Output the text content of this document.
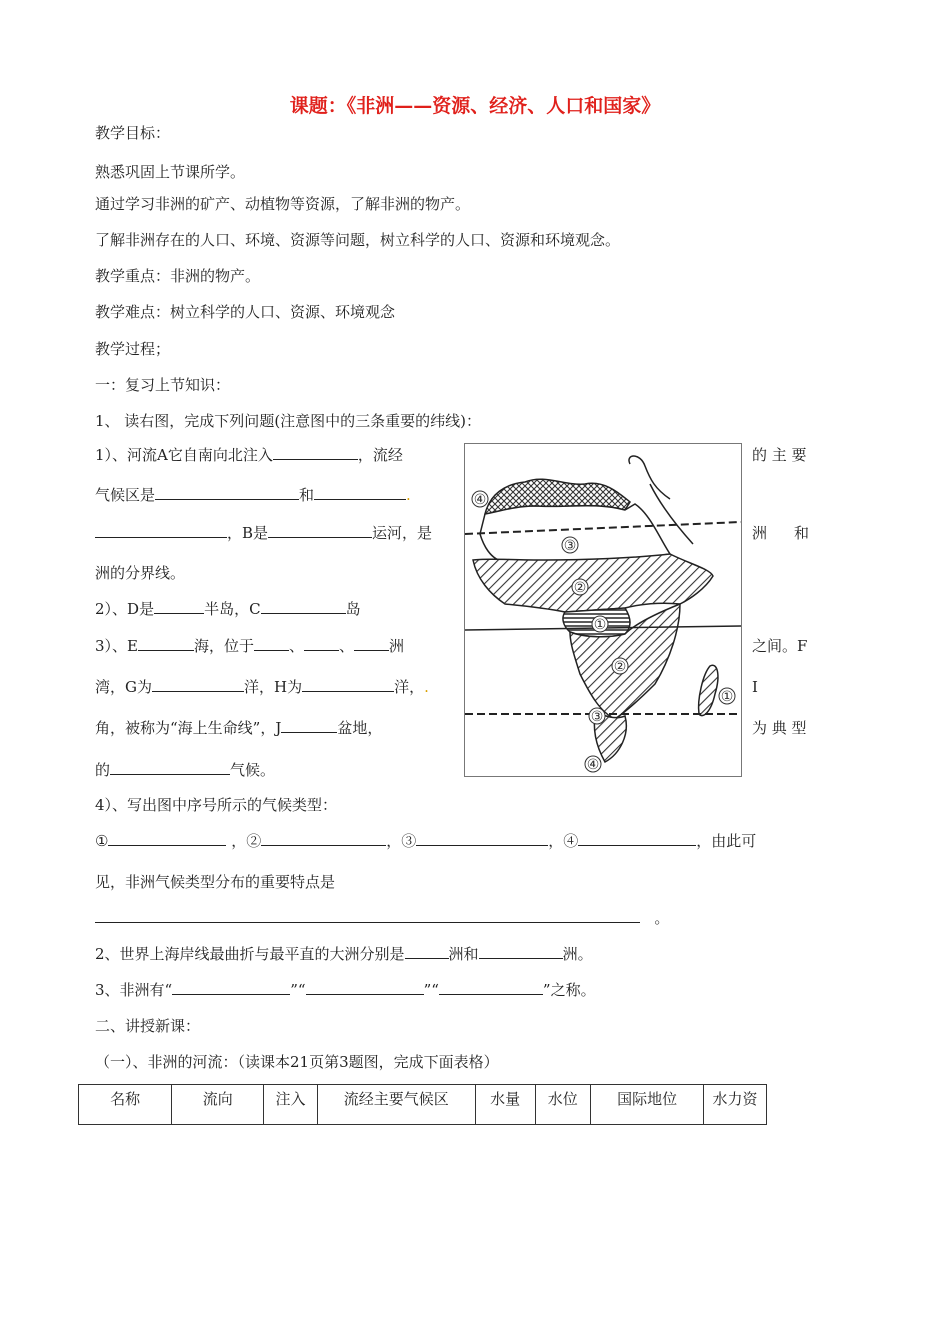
课题：《非洲——资源、经济、人口和国家》
教学目标：
熟悉巩固上节课所学。
通过学习非洲的矿产、动植物等资源，了解非洲的物产。
了解非洲存在的人口、环境、资源等问题，树立科学的人口、资源和环境观念。
教学重点：非洲的物产。
教学难点：树立科学的人口、资源、环境观念
教学过程；
一：复习上节知识：
1、 读右图，完成下列问题(注意图中的三条重要的纬线)：
1）、河流A它自南向北注入	，流经	的 主 要
气候区是	和	.
，B是	运河，是	洲 和
洲的分界线。
2）、D是	半岛，C	岛
3）、E	海，位于 、 、 洲	之间。F
湾，G为	洋，H为	洋，.	I
角，被称为“海上生命线”，J	盆地，	为 典 型
的	气候。
4）、写出图中序号所示的气候类型：
①	，②	，③	，④	，由此可
见，非洲气候类型分布的重要特点是
。
2、世界上海岸线最曲折与最平直的大洲分别是	洲和	洲。
3、非洲有“	”“	”“	”之称。
二、讲授新课：
（一）、非洲的河流：（读课本21页第3题图，完成下面表格）
④
③
②
①
②
①
③
④
名称	流向	注入	流经主要气候区	水量	水位	国际地位	水力资
